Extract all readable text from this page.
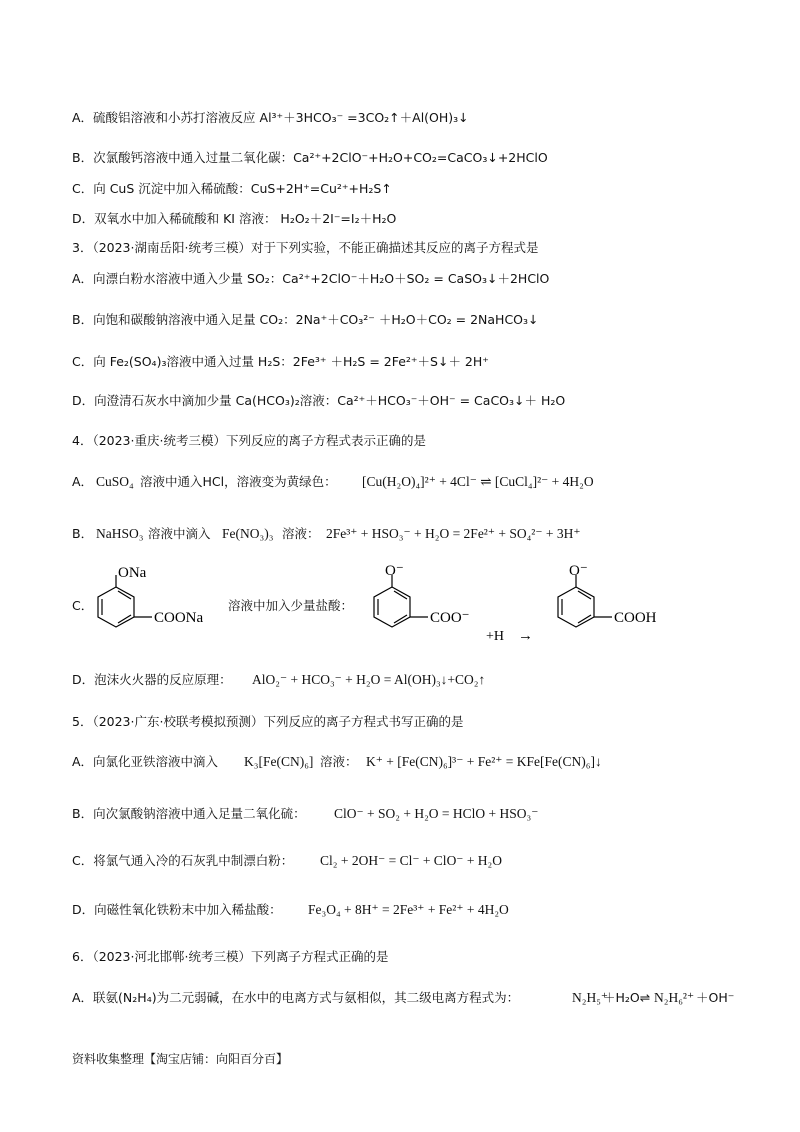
A．硫酸铝溶液和小苏打溶液反应 Al³⁺＋3HCO₃⁻ =3CO₂↑＋Al(OH)₃↓
B．次氯酸钙溶液中通入过量二氧化碳：Ca²⁺+2ClO⁻+H₂O+CO₂=CaCO₃↓+2HClO
C．向 CuS 沉淀中加入稀硫酸：CuS+2H⁺=Cu²⁺+H₂S↑
D．双氧水中加入稀硫酸和 KI 溶液： H₂O₂＋2I⁻=I₂＋H₂O
3．（2023·湖南岳阳·统考三模）对于下列实验，不能正确描述其反应的离子方程式是
A．向漂白粉水溶液中通入少量 SO₂：Ca²⁺+2ClO⁻＋H₂O＋SO₂ = CaSO₃↓＋2HClO
B．向饱和碳酸钠溶液中通入足量 CO₂：2Na⁺＋CO₃²⁻ ＋H₂O＋CO₂ = 2NaHCO₃↓
C．向 Fe₂(SO₄)₃溶液中通入过量 H₂S：2Fe³⁺ ＋H₂S = 2Fe²⁺＋S↓＋ 2H⁺
D．向澄清石灰水中滴加少量 Ca(HCO₃)₂溶液：Ca²⁺＋HCO₃⁻＋OH⁻ = CaCO₃↓＋ H₂O
4．（2023·重庆·统考三模）下列反应的离子方程式表示正确的是
A． CuSO₄ 溶液中通入HCl，溶液变为黄绿色： [Cu(H₂O)₄]²⁺ + 4Cl⁻ ⇌ [CuCl₄]²⁻ + 4H₂O
B． NaHSO₃ 溶液中滴入 Fe(NO₃)₃ 溶液： 2Fe³⁺ + HSO₃⁻ + H₂O = 2Fe²⁺ + SO₄²⁻ + 3H⁺
C．	溶液中加入少量盐酸：
D．泡沫火火器的反应原理： AlO₂⁻ + HCO₃⁻ + H₂O = Al(OH)₃↓+CO₂↑
5．（2023·广东·校联考模拟预测）下列反应的离子方程式书写正确的是
A．向氯化亚铁溶液中滴入 K₃[Fe(CN)₆] 溶液： K⁺ + [Fe(CN)₆]³⁻ + Fe²⁺ = KFe[Fe(CN)₆]↓
B．向次氯酸钠溶液中通入足量二氧化硫： ClO⁻ + SO₂ + H₂O = HClO + HSO₃⁻
C．将氯气通入冷的石灰乳中制漂白粉： Cl₂ + 2OH⁻ = Cl⁻ + ClO⁻ + H₂O
D．向磁性氧化铁粉末中加入稀盐酸： Fe₃O₄ + 8H⁺ = 2Fe³⁺ + Fe²⁺ + 4H₂O
6．（2023·河北邯郸·统考三模）下列离子方程式正确的是
A．联氨(N₂H₄)为二元弱碱，在水中的电离方式与氨相似，其二级电离方程式为：	N₂H₅⁺
＋H₂O⇌ N₂H₆²⁺ ＋OH⁻
ONa
COONa
O⁻
COO⁻
+H →
O⁻
COOH
资料收集整理【淘宝店铺：向阳百分百】
